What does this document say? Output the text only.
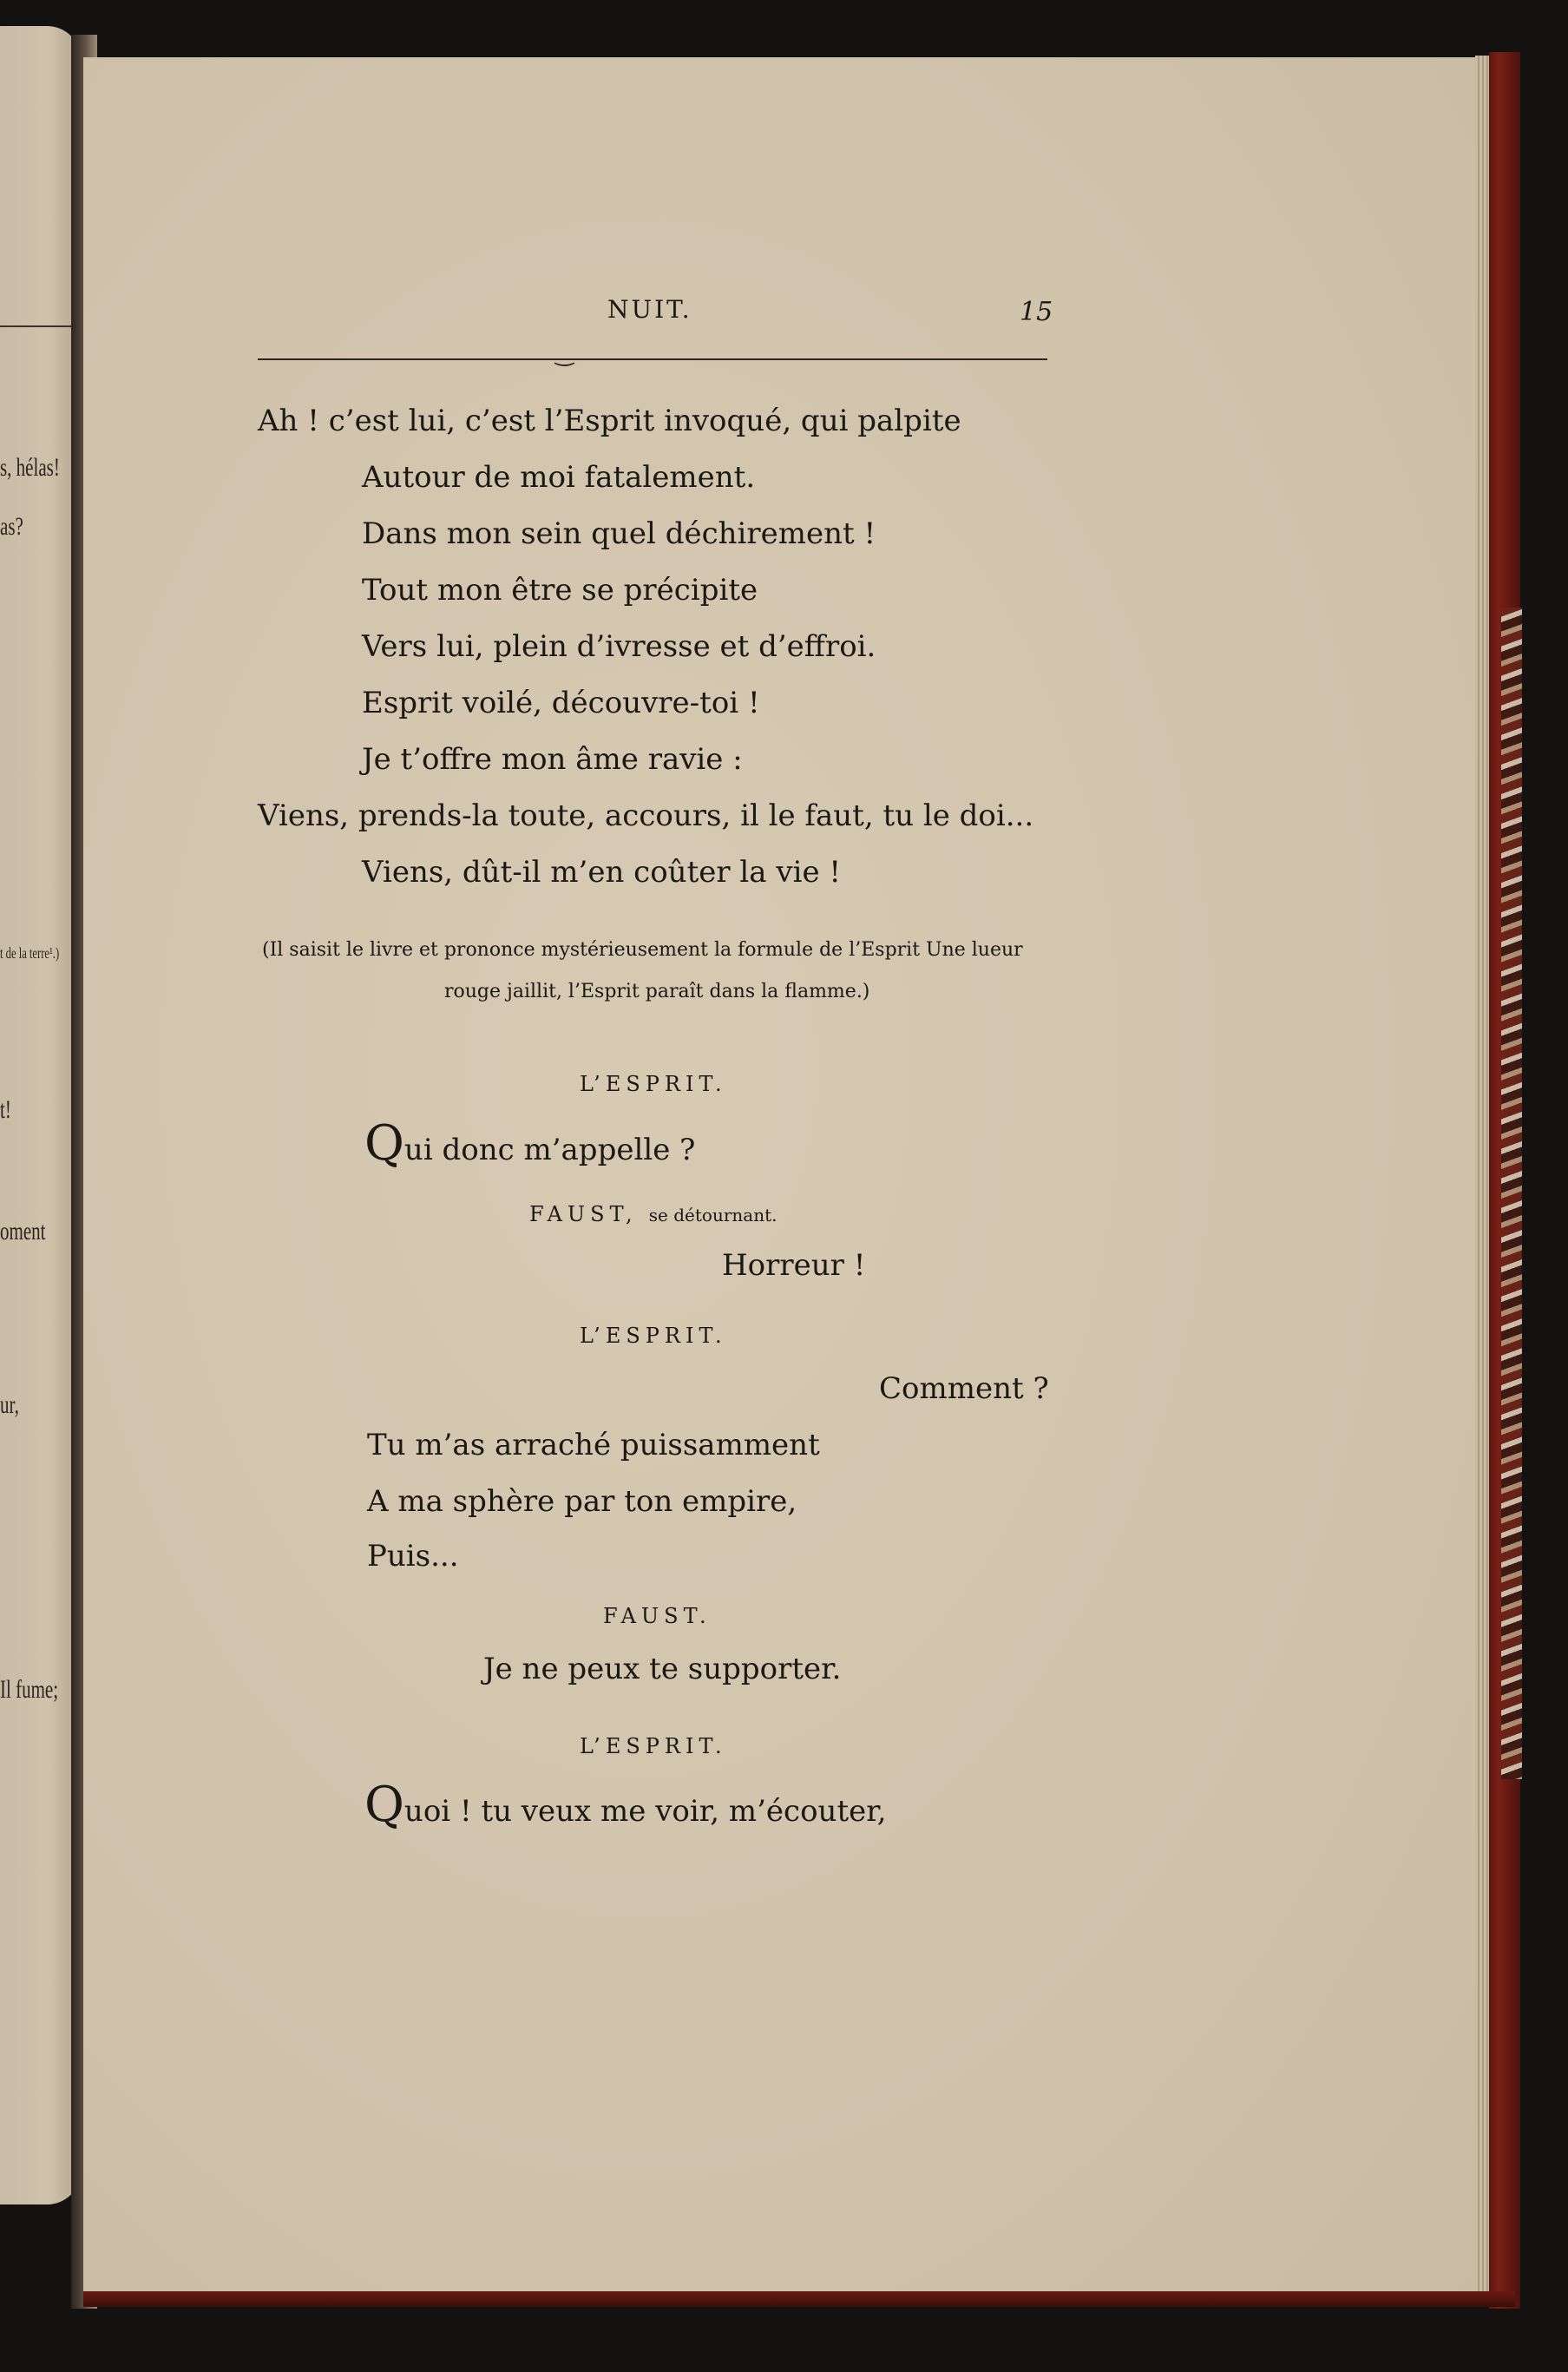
s, hélas!
as?
t de la terre¹.)
t!
oment
ur,
Il fume;
NUIT.	15
‿
Ah ! c’est lui, c’est l’Esprit invoqué, qui palpite
Autour de moi fatalement.
Dans mon sein quel déchirement !
Tout mon être se précipite
Vers lui, plein d’ivresse et d’effroi.
Esprit voilé, découvre-toi !
Je t’offre mon âme ravie :
Viens, prends-la toute, accours, il le faut, tu le doi...
Viens, dût-il m’en coûter la vie !
(Il saisit le livre et prononce mystérieusement la formule de l’Esprit Une lueur
rouge jaillit, l’Esprit paraît dans la flamme.)
L’ESPRIT.
Qui donc m’appelle ?
FAUST, se détournant.
Horreur !
L’ESPRIT.
Comment ?
Tu m’as arraché puissamment
A ma sphère par ton empire,
Puis...
FAUST.
Je ne peux te supporter.
L’ESPRIT.
Quoi ! tu veux me voir, m’écouter,
